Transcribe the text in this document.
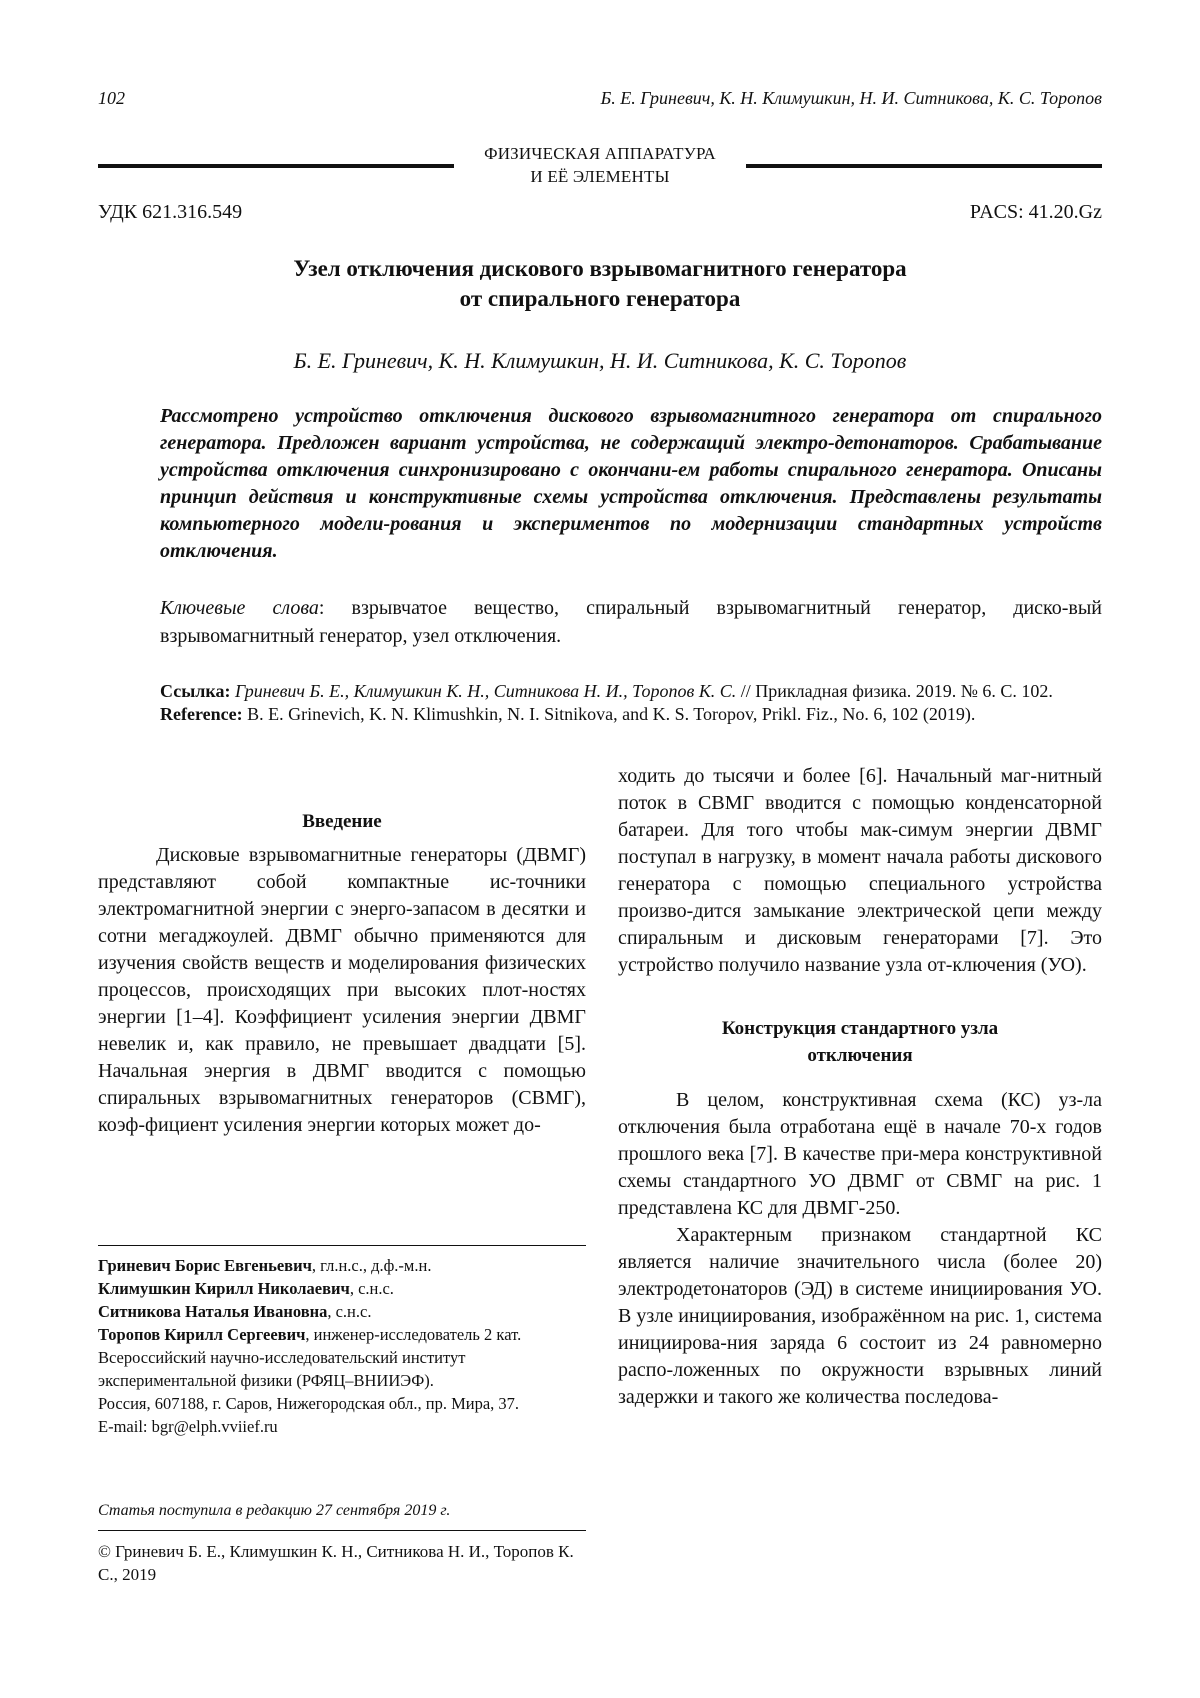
102	Б. Е. Гриневич, К. Н. Климушкин, Н. И. Ситникова, К. С. Торопов
ФИЗИЧЕСКАЯ АППАРАТУРА
И ЕЁ ЭЛЕМЕНТЫ
УДК 621.316.549	PACS: 41.20.Gz
Узел отключения дискового взрывомагнитного генератора
от спирального генератора
Б. Е. Гриневич, К. Н. Климушкин, Н. И. Ситникова, К. С. Торопов
Рассмотрено устройство отключения дискового взрывомагнитного генератора от спирального генератора. Предложен вариант устройства, не содержащий электро-детонаторов. Срабатывание устройства отключения синхронизировано с окончани-ем работы спирального генератора. Описаны принцип действия и конструктивные схемы устройства отключения. Представлены результаты компьютерного модели-рования и экспериментов по модернизации стандартных устройств отключения.
Ключевые слова: взрывчатое вещество, спиральный взрывомагнитный генератор, диско-вый взрывомагнитный генератор, узел отключения.
Ссылка: Гриневич Б. Е., Климушкин К. Н., Ситникова Н. И., Торопов К. С. // Прикладная физика. 2019. № 6. С. 102.
Reference: B. E. Grinevich, K. N. Klimushkin, N. I. Sitnikova, and K. S. Toropov, Prikl. Fiz., No. 6, 102 (2019).
Введение

Дисковые взрывомагнитные генераторы (ДВМГ) представляют собой компактные ис-точники электромагнитной энергии с энерго-запасом в десятки и сотни мегаджоулей. ДВМГ обычно применяются для изучения свойств веществ и моделирования физических процессов, происходящих при высоких плот-ностях энергии [1–4]. Коэффициент усиления энергии ДВМГ невелик и, как правило, не превышает двадцати [5]. Начальная энергия в ДВМГ вводится с помощью спиральных взрывомагнитных генераторов (СВМГ), коэф-фициент усиления энергии которых может до-

ходить до тысячи и более [6]. Начальный маг-нитный поток в СВМГ вводится с помощью конденсаторной батареи. Для того чтобы мак-симум энергии ДВМГ поступал в нагрузку, в момент начала работы дискового генератора с помощью специального устройства произво-дится замыкание электрической цепи между спиральным и дисковым генераторами [7]. Это устройство получило название узла от-ключения (УО).

Конструкция стандартного узла
отключения

В целом, конструктивная схема (КС) уз-ла отключения была отработана ещё в начале 70-х годов прошлого века [7]. В качестве при-мера конструктивной схемы стандартного УО ДВМГ от СВМГ на рис. 1 представлена КС для ДВМГ-250.

Характерным признаком стандартной КС является наличие значительного числа (более 20) электродетонаторов (ЭД) в системе инициирования УО. В узле инициирования, изображённом на рис. 1, система инициирова-ния заряда 6 состоит из 24 равномерно распо-ложенных по окружности взрывных линий задержки и такого же количества последова-

Гриневич Борис Евгеньевич, гл.н.с., д.ф.-м.н.
Климушкин Кирилл Николаевич, с.н.с.
Ситникова Наталья Ивановна, с.н.с.
Торопов Кирилл Сергеевич, инженер-исследователь 2 кат.
Всероссийский научно-исследовательский институт экспериментальной физики (РФЯЦ–ВНИИЭФ).
Россия, 607188, г. Саров, Нижегородская обл., пр. Мира, 37.
E-mail: bgr@elph.vviief.ru
Статья поступила в редакцию 27 сентября 2019 г.
© Гриневич Б. Е., Климушкин К. Н., Ситникова Н. И., Торопов К. С., 2019
